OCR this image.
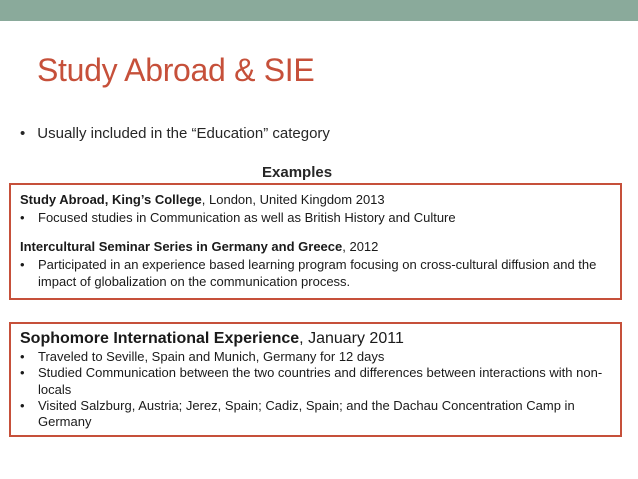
Study Abroad & SIE
• Usually included in the “Education” category
Examples
Study Abroad, King’s College, London, United Kingdom 2013
• Focused studies in Communication as well as British History and Culture
Intercultural Seminar Series in Germany and Greece, 2012
• Participated in an experience based learning program focusing on cross-cultural diffusion and the impact of globalization on the communication process.
Sophomore International Experience, January 2011
• Traveled to Seville, Spain and Munich, Germany for 12 days
• Studied Communication between the two countries and differences between interactions with non-locals
• Visited Salzburg, Austria; Jerez, Spain; Cadiz, Spain; and the Dachau Concentration Camp in Germany
